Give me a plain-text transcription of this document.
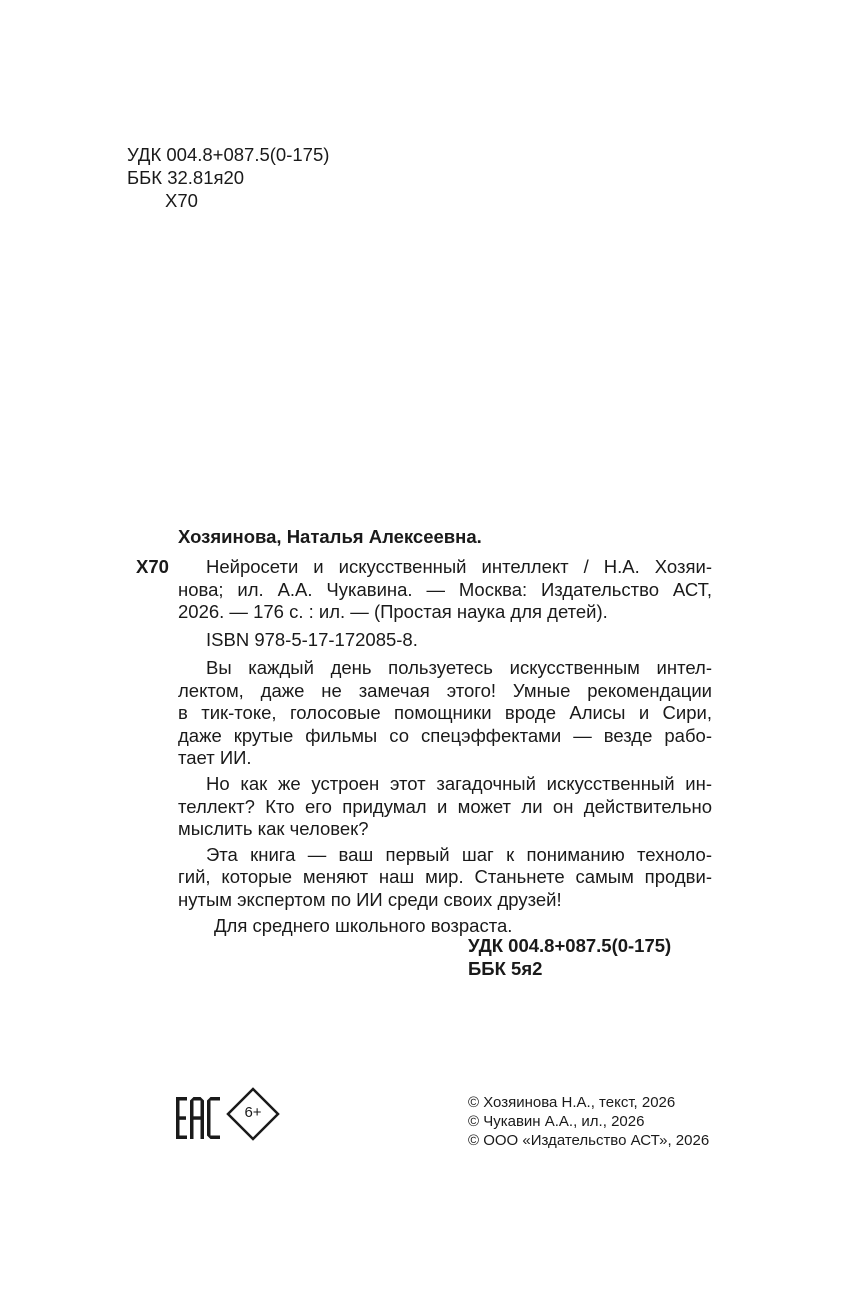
УДК 004.8+087.5(0-175)
ББК 32.81я20
Х70
Хозяинова, Наталья Алексеевна.
Х70	Нейросети и искусственный интеллект / Н.А. Хозяи-
нова; ил. А.А. Чукавина. — Москва: Издательство АСТ,
2026. — 176 с. : ил. — (Простая наука для детей).
ISBN 978-5-17-172085-8.
Вы каждый день пользуетесь искусственным интел-
лектом, даже не замечая этого! Умные рекомендации
в тик-токе, голосовые помощники вроде Алисы и Сири,
даже крутые фильмы со спецэффектами — везде рабо-
тает ИИ.
Но как же устроен этот загадочный искусственный ин-
теллект? Кто его придумал и может ли он действительно
мыслить как человек?
Эта книга — ваш первый шаг к пониманию техноло-
гий, которые меняют наш мир. Станьнете самым продви-
нутым экспертом по ИИ среди своих друзей!
Для среднего школьного возраста.
УДК 004.8+087.5(0-175)
ББК 5я2
6+
© Хозяинова Н.А., текст, 2026
© Чукавин А.А., ил., 2026
© ООО «Издательство АСТ», 2026
